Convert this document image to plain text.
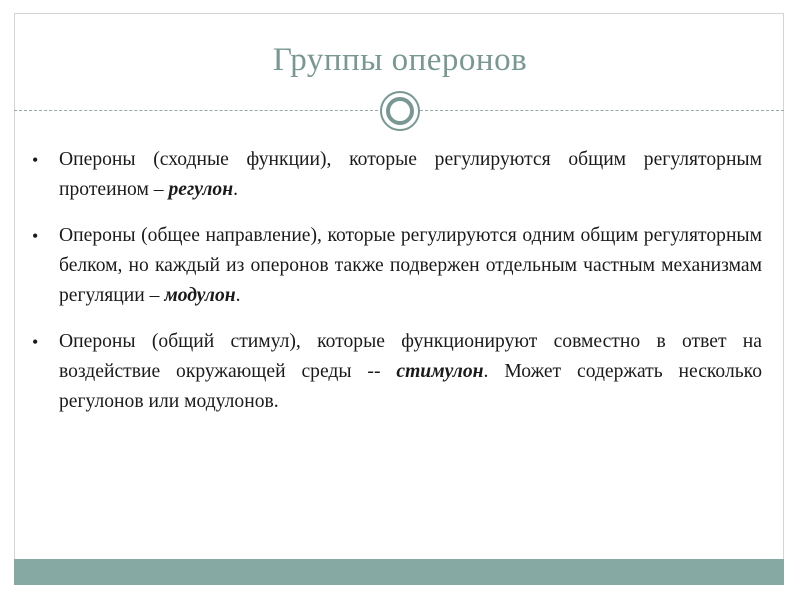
Группы оперонов
• Опероны (сходные функции), которые регулируются общим регуляторным протеином – регулон.
• Опероны (общее направление), которые регулируются одним общим регуляторным белком, но каждый из оперонов также подвержен отдельным частным механизмам регуляции – модулон.
• Опероны (общий стимул), которые функционируют совместно в ответ на воздействие окружающей среды -- стимулон. Может содержать несколько регулонов или модулонов.
